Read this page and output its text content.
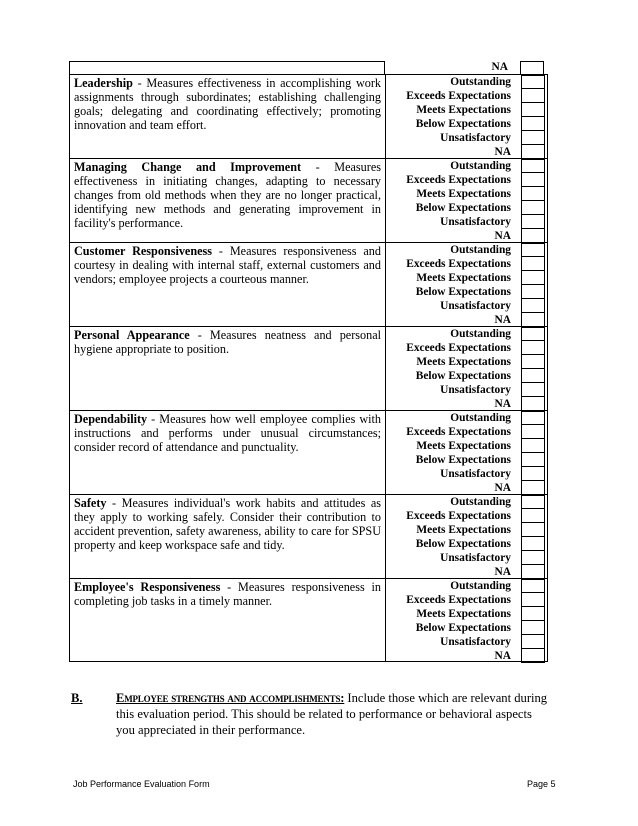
NA
Leadership - Measures effectiveness in accomplishing work assignments through subordinates; establishing challenging goals; delegating and coordinating effectively; promoting innovation and team effort.
Outstanding
Exceeds Expectations
Meets Expectations
Below Expectations
Unsatisfactory
NA
Managing Change and Improvement - Measures effectiveness in initiating changes, adapting to necessary changes from old methods when they are no longer practical, identifying new methods and generating improvement in facility's performance.
Outstanding
Exceeds Expectations
Meets Expectations
Below Expectations
Unsatisfactory
NA
Customer Responsiveness - Measures responsiveness and courtesy in dealing with internal staff, external customers and vendors; employee projects a courteous manner.
Outstanding
Exceeds Expectations
Meets Expectations
Below Expectations
Unsatisfactory
NA
Personal Appearance - Measures neatness and personal hygiene appropriate to position.
Outstanding
Exceeds Expectations
Meets Expectations
Below Expectations
Unsatisfactory
NA
Dependability - Measures how well employee complies with instructions and performs under unusual circumstances; consider record of attendance and punctuality.
Outstanding
Exceeds Expectations
Meets Expectations
Below Expectations
Unsatisfactory
NA
Safety - Measures individual's work habits and attitudes as they apply to working safely. Consider their contribution to accident prevention, safety awareness, ability to care for SPSU property and keep workspace safe and tidy.
Outstanding
Exceeds Expectations
Meets Expectations
Below Expectations
Unsatisfactory
NA
Employee's Responsiveness - Measures responsiveness in completing job tasks in a timely manner.
Outstanding
Exceeds Expectations
Meets Expectations
Below Expectations
Unsatisfactory
NA
B.	Employee strengths and accomplishments: Include those which are relevant during this evaluation period. This should be related to performance or behavioral aspects you appreciated in their performance.
Job Performance Evaluation Form	Page 5
